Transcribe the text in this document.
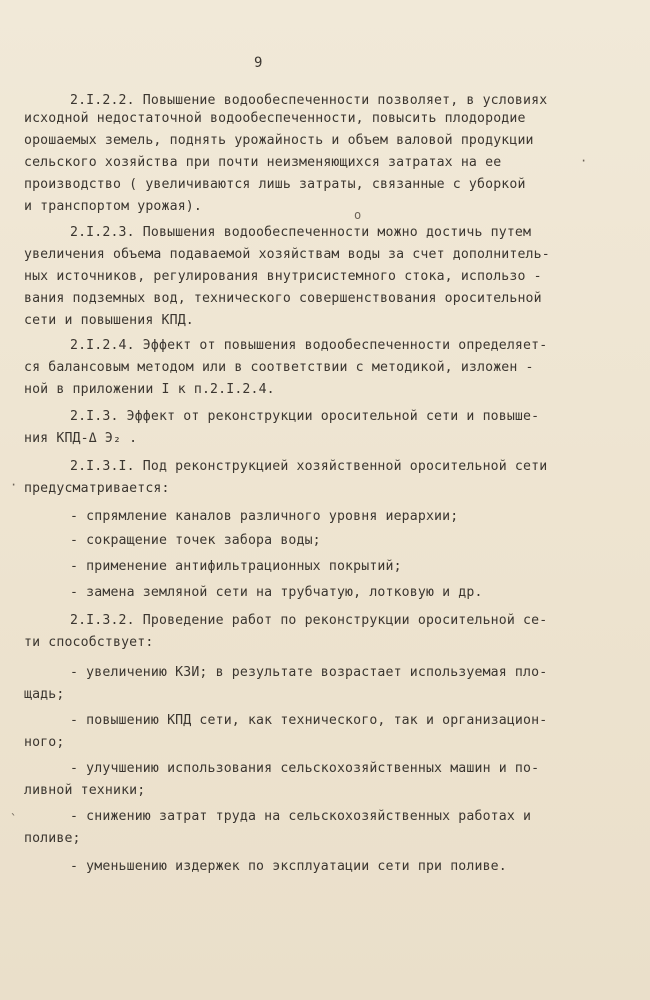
9
2.I.2.2. Повышение водообеспеченности позволяет, в условиях
исходной недостаточной водообеспеченности, повысить плодородие
орошаемых земель, поднять урожайность и объем валовой продукции
сельского хозяйства при почти неизменяющихся затратах на ее
производство ( увеличиваются лишь затраты, связанные с уборкой
и транспортом урожая).
o
·
2.I.2.3. Повышения водообеспеченности можно достичь путем
увеличения объема подаваемой хозяйствам воды за счет дополнитель-
ных источников, регулирования внутрисистемного стока, использо -
вания подземных вод, технического совершенствования оросительной
сети и повышения КПД.
2.I.2.4. Эффект от повышения водообеспеченности определяет-
ся балансовым методом или в соответствии с методикой, изложен -
ной в приложении I к п.2.I.2.4.
2.I.3. Эффект от реконструкции оросительной сети и повыше-
ния КПД-Δ Э₂ .
2.I.3.I. Под реконструкцией хозяйственной оросительной сети
предусматривается:
·
- спрямление каналов различного уровня иерархии;
- сокращение точек забора воды;
- применение антифильтрационных покрытий;
- замена земляной сети на трубчатую, лотковую и др.
2.I.3.2. Проведение работ по реконструкции оросительной се-
ти способствует:
- увеличению КЗИ; в результате возрастает используемая пло-
щадь;
- повышению КПД сети, как технического, так и организацион-
ного;
- улучшению использования сельскохозяйственных машин и по-
ливной техники;
- снижению затрат труда на сельскохозяйственных работах и
поливе;
- уменьшению издержек по эксплуатации сети при поливе.
`
